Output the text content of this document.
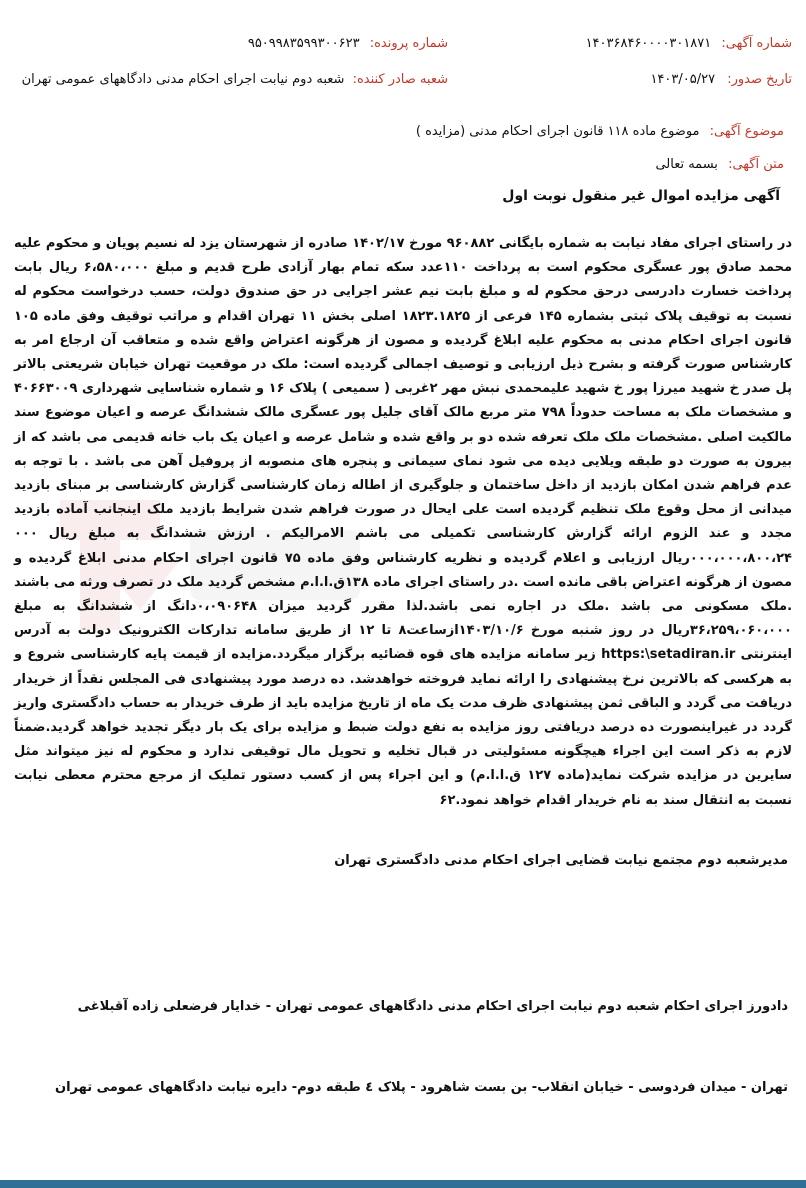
شماره آگهی: ۱۴۰۳۶۸۴۶۰۰۰۰۳۰۱۸۷۱
شماره پرونده: ۹۵۰۹۹۸۳۵۹۹۳۰۰۶۲۳
تاریخ صدور: ۱۴۰۳/۰۵/۲۷
شعبه صادر کننده: شعبه دوم نیابت اجرای احکام مدنی دادگاههای عمومی تهران
موضوع آگهی: موضوع ماده ۱۱۸ قانون اجرای احکام مدنی (مزایده )
متن آگهی: بسمه تعالی
آگهی مزایده اموال غیر منقول نوبت اول

در راستای اجرای مفاد نیابت به شماره بایگانی ۹۶۰۸۸۲ مورخ ۱۴۰۲/۱۷ صادره از شهرستان یزد له نسیم پویان و محکوم علیه محمد صادق پور عسگری محکوم است به پرداخت ۱۱۰عدد سکه تمام بهار آزادی طرح قدیم و مبلغ ۶،۵۸۰،۰۰۰ ریال بابت پرداخت خسارت دادرسی درحق محکوم له و مبلغ بابت نیم عشر اجرایی در حق صندوق دولت، حسب درخواست محکوم له نسبت به توقیف پلاک ثبتی بشماره ۱۴۵ فرعی از ۱۸۲۳.۱۸۲۵ اصلی بخش ۱۱ تهران اقدام و مراتب توقیف وفق ماده ۱۰۵ قانون اجرای احکام مدنی به محکوم علیه ابلاغ گردیده و مصون از هرگونه اعتراض واقع شده و متعاقب آن ارجاع امر به کارشناس صورت گرفته و بشرح ذیل ارزیابی و توصیف اجمالی گردیده است: ملک در موقعیت تهران خیابان شریعتی بالاتر پل صدر خ شهید میرزا پور خ شهید علیمحمدی نبش مهر ۲غربی ( سمیعی ) پلاک ۱۶ و شماره شناسایی شهرداری ۴۰۶۶۳۰۰۹ و مشخصات ملک به مساحت حدوداً ۷۹۸ متر مربع مالک آقای جلیل پور عسگری مالک ششدانگ عرصه و اعیان موضوع سند مالکیت اصلی .مشخصات ملک ملک تعرفه شده دو بر واقع شده و شامل عرصه و اعیان یک باب خانه قدیمی می باشد که از بیرون به صورت دو طبقه ویلایی دیده می شود نمای سیمانی و پنجره های منصوبه از پروفیل آهن می باشد . با توجه به عدم فراهم شدن امکان بازدید از داخل ساختمان و جلوگیری از اطاله زمان کارشناسی گزارش کارشناسی بر مبنای بازدید میدانی از محل وقوع ملک تنظیم گردیده است علی ایحال در صورت فراهم شدن شرایط بازدید ملک اینجانب آماده بازدید مجدد و عند الزوم ارائه گزارش کارشناسی تکمیلی می باشم الامرالیکم . ارزش ششدانگ به مبلغ ریال ۰۰۰ ۰۰۰،۰۰۰،۸۰۰،۲۴ریال ارزیابی و اعلام گردیده و نظریه کارشناس وفق ماده ۷۵ قانون اجرای احکام مدنی ابلاغ گردیده و مصون از هرگونه اعتراض باقی مانده است .در راستای اجرای ماده ۱۳۸ق.ا.ا.م مشخص گردید ملک در تصرف ورثه می باشند .ملک مسکونی می باشد .ملک در اجاره نمی باشد.لذا مقرر گردید میزان ۰،۰۹۰۶۴۸دانگ از ششدانگ به مبلغ ۳۶،۲۵۹،۰۶۰،۰۰۰ریال در روز شنبه مورخ ۱۴۰۳/۱۰/۶ازساعت۸ تا ۱۲ از طریق سامانه تدارکات الکترونیک دولت به آدرس اینترنتی https:\setadiran.ir زیر سامانه مزایده های قوه قضائیه برگزار میگردد.مزایده از قیمت پایه کارشناسی شروع و به هرکسی که بالاترین نرخ پیشنهادی را ارائه نماید فروخته خواهدشد. ده درصد مورد پیشنهادی فی المجلس نقداً از خریدار دریافت می گردد و الباقی ثمن پیشنهادی ظرف مدت یک ماه از تاریخ مزایده باید از طرف خریدار به حساب دادگستری واریز گردد در غیراینصورت ده درصد دریافتی روز مزایده به نفع دولت ضبط و مزایده برای یک بار دیگر تجدید خواهد گردید.ضمناً لازم به ذکر است این اجراء هیچگونه مسئولیتی در قبال تخلیه و تحویل مال توقیفی ندارد و محکوم له نیز میتواند مثل سایرین در مزایده شرکت نماید(ماده ۱۲۷ ق.ا.ا.م) و این اجراء پس از کسب دستور تملیک از مرجع محترم معطی نیابت نسبت به انتقال سند به نام خریدار اقدام خواهد نمود.۶۲

مدیرشعبه دوم مجتمع نیابت قضایی اجرای احکام مدنی دادگستری تهران
دادورز اجرای احکام شعبه دوم نیابت اجرای احکام مدنی دادگاههای عمومی تهران - خدایار فرضعلی زاده آقبلاغی
تهران - میدان فردوسی - خیابان انقلاب- بن بست شاهرود - پلاک ٤ طبقه دوم- دایره نیابت دادگاههای عمومی تهران
